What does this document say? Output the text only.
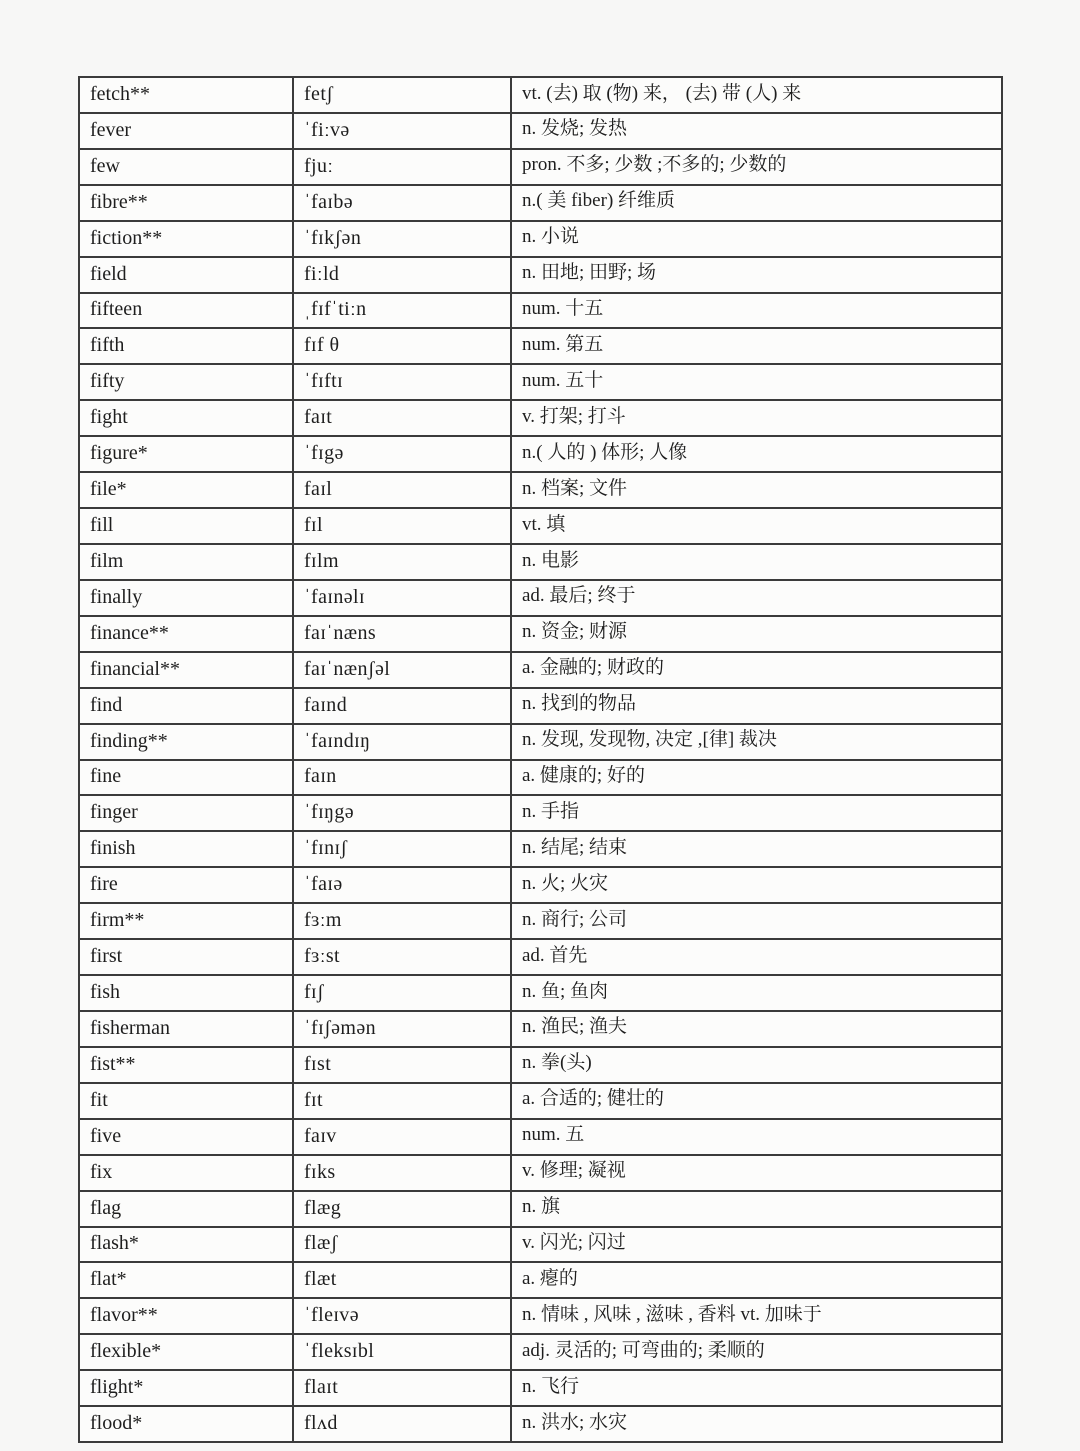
fetch**	fetʃ	vt. (去) 取 (物) 来， (去) 带 (人) 来
fever	ˈfiːvə	n. 发烧; 发热
few	fjuː	pron. 不多; 少数 ;不多的; 少数的
fibre**	ˈfaɪbə	n.( 美 fiber) 纤维质
fiction**	ˈfɪkʃən	n. 小说
field	fiːld	n. 田地; 田野; 场
fifteen	ˌfɪfˈtiːn	num. 十五
fifth	fɪf θ	num. 第五
fifty	ˈfɪftɪ	num. 五十
fight	faɪt	v. 打架; 打斗
figure*	ˈfɪgə	n.( 人的 ) 体形; 人像
file*	faɪl	n. 档案; 文件
fill	fɪl	vt. 填
film	fɪlm	n. 电影
finally	ˈfaɪnəlɪ	ad. 最后; 终于
finance**	faɪˈnæns	n. 资金; 财源
financial**	faɪˈnænʃəl	a. 金融的; 财政的
find	faɪnd	n. 找到的物品
finding**	ˈfaɪndɪŋ	n. 发现, 发现物, 决定 ,[律] 裁决
fine	faɪn	a. 健康的; 好的
finger	ˈfɪŋgə	n. 手指
finish	ˈfɪnɪʃ	n. 结尾; 结束
fire	ˈfaɪə	n. 火; 火灾
firm**	fɜːm	n. 商行; 公司
first	fɜːst	ad. 首先
fish	fɪʃ	n. 鱼; 鱼肉
fisherman	ˈfɪʃəmən	n. 渔民; 渔夫
fist**	fɪst	n. 拳(头)
fit	fɪt	a. 合适的; 健壮的
five	faɪv	num. 五
fix	fɪks	v. 修理; 凝视
flag	flæg	n. 旗
flash*	flæʃ	v. 闪光; 闪过
flat*	flæt	a. 瘪的
flavor**	ˈfleɪvə	n. 情味 , 风味 , 滋味 , 香料 vt. 加味于
flexible*	ˈfleksɪbl	adj. 灵活的; 可弯曲的; 柔顺的
flight*	flaɪt	n. 飞行
flood*	flʌd	n. 洪水; 水灾
